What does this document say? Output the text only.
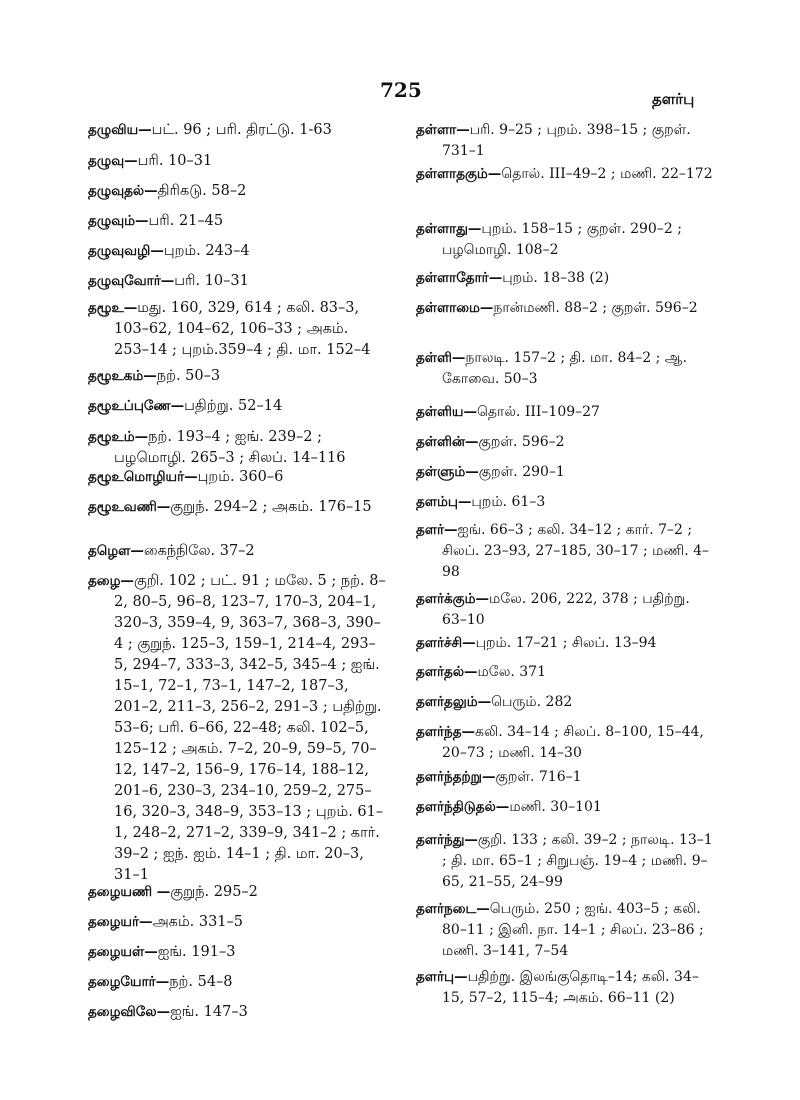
725	தளர்பு
தழுவிய—பட். 96 ; பரி. திரட்டு. 1-63
தழுவு—பரி. 10–31
தழுவுதல்—திரிகடு. 58–2
தழுவும்—பரி. 21–45
தழுவுவழி—புறம். 243–4
தழுவுவோர்—பரி. 10–31
தழூஉ—மது. 160, 329, 614 ; கலி. 83–3, 103–62, 104–62, 106–33 ; அகம். 253–14 ; புறம்.359–4 ; தி. மா. 152–4
தழூஉகம்—நற். 50–3
தழூஉப்புணே—பதிற்று. 52–14
தழூஉம்—நற். 193–4 ; ஐங். 239–2 ; பழமொழி. 265–3 ; சிலப். 14–116
தழூஉமொழியர்—புறம். 360–6
தழூஉவணி—குறுந். 294–2 ; அகம். 176–15
தழெள—கைந்நிலே. 37–2
தழை—குறி. 102 ; பட். 91 ; மலே. 5 ; நற். 8–2, 80–5, 96–8, 123–7, 170–3, 204–1, 320–3, 359–4, 9, 363–7, 368–3, 390–4 ; குறுந். 125–3, 159–1, 214–4, 293–5, 294–7, 333–3, 342–5, 345–4 ; ஐங். 15–1, 72–1, 73–1, 147–2, 187–3, 201–2, 211–3, 256–2, 291–3 ; பதிற்று. 53–6; பரி. 6–66, 22–48; கலி. 102–5, 125–12 ; அகம். 7–2, 20–9, 59–5, 70–12, 147–2, 156–9, 176–14, 188–12, 201–6, 230–3, 234–10, 259–2, 275–16, 320–3, 348–9, 353–13 ; புறம். 61–1, 248–2, 271–2, 339–9, 341–2 ; கார். 39–2 ; ஐந். ஐம். 14–1 ; தி. மா. 20–3, 31–1
தழையணி —குறுந். 295–2
தழையர்—அகம். 331–5
தழையள்—ஐங். 191–3
தழையோர்—நற். 54–8
தழைவிலே—ஐங். 147–3
தள்ளா—பரி. 9–25 ; புறம். 398–15 ; குறள். 731–1
தள்ளாதகும்—தொல். III–49–2 ; மணி. 22–172
தள்ளாது—புறம். 158–15 ; குறள். 290–2 ; பழமொழி. 108–2
தள்ளாதோர்—புறம். 18–38 (2)
தள்ளாமை—நான்மணி. 88–2 ; குறள். 596–2
தள்ளி—நாலடி. 157–2 ; தி. மா. 84–2 ; ஆ. கோவை. 50–3
தள்ளிய—தொல். III–109–27
தள்ளின்—குறள். 596–2
தள்ளும்—குறள். 290–1
தளம்பு—புறம். 61–3
தளர்—ஐங். 66–3 ; கலி. 34–12 ; கார். 7–2 ; சிலப். 23–93, 27–185, 30–17 ; மணி. 4–98
தளர்க்கும்—மலே. 206, 222, 378 ; பதிற்று. 63–10
தளர்ச்சி—புறம். 17–21 ; சிலப். 13–94
தளர்தல்—மலே. 371
தளர்தலும்—பெரும். 282
தளர்ந்த—கலி. 34–14 ; சிலப். 8–100, 15–44, 20–73 ; மணி. 14–30
தளர்ந்தற்று—குறள். 716–1
தளர்ந்திடுதல்—மணி. 30–101
தளர்ந்து—குறி. 133 ; கலி. 39–2 ; நாலடி. 13–1 ; தி. மா. 65–1 ; சிறுபஞ். 19–4 ; மணி. 9–65, 21–55, 24–99
தளர்நடை—பெரும். 250 ; ஐங். 403–5 ; கலி. 80–11 ; இனி. நா. 14–1 ; சிலப். 23–86 ; மணி. 3–141, 7–54
தளர்பு—பதிற்று. இலங்குதொடி–14; கலி. 34–15, 57–2, 115–4; அகம். 66–11 (2)
